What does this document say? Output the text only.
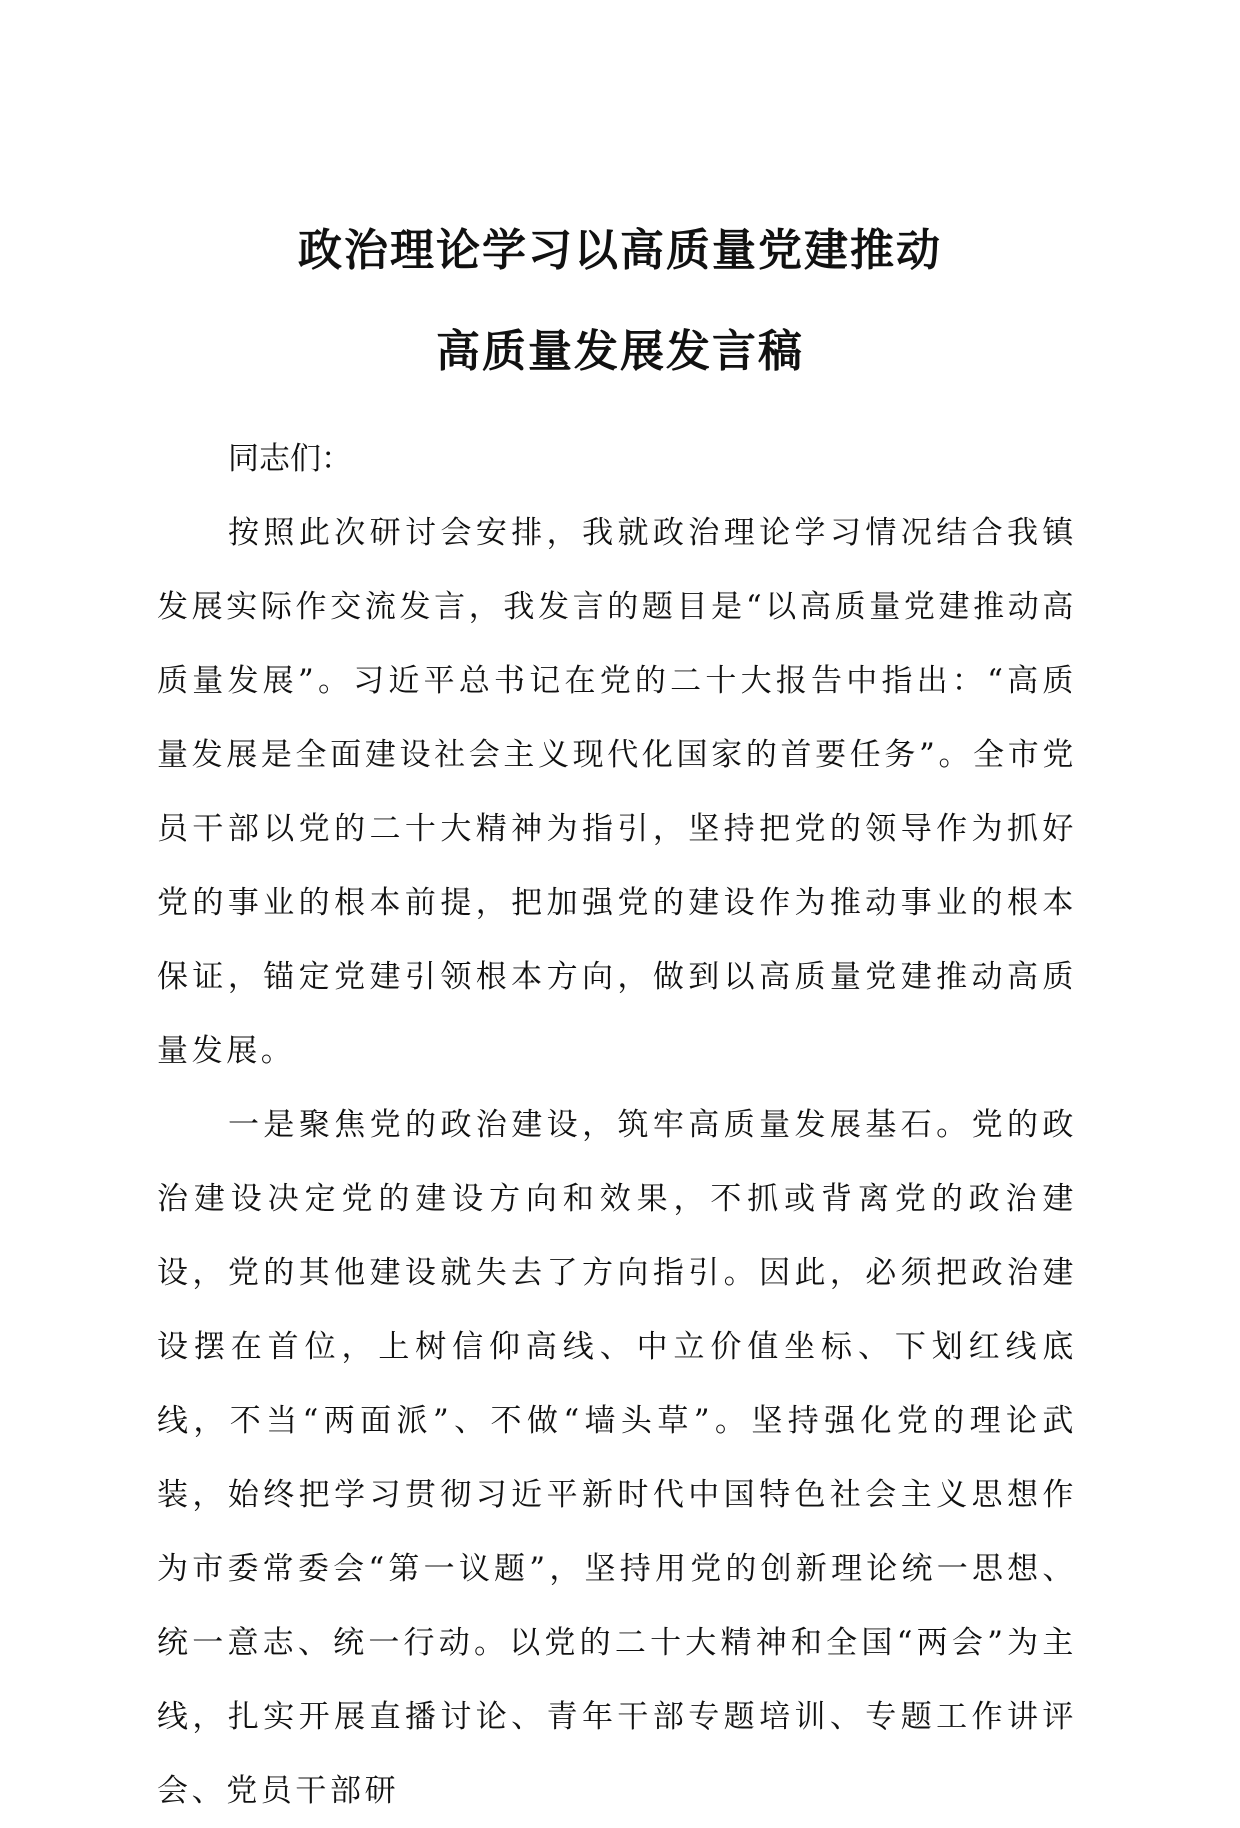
政治理论学习以高质量党建推动
高质量发展发言稿

同志们：

按照此次研讨会安排，我就政治理论学习情况结合我镇发展实际作交流发言，我发言的题目是“以高质量党建推动高质量发展”。习近平总书记在党的二十大报告中指出：“高质量发展是全面建设社会主义现代化国家的首要任务”。全市党员干部以党的二十大精神为指引，坚持把党的领导作为抓好党的事业的根本前提，把加强党的建设作为推动事业的根本保证，锚定党建引领根本方向，做到以高质量党建推动高质量发展。

一是聚焦党的政治建设，筑牢高质量发展基石。党的政治建设决定党的建设方向和效果，不抓或背离党的政治建设，党的其他建设就失去了方向指引。因此，必须把政治建设摆在首位，上树信仰高线、中立价值坐标、下划红线底线，不当“两面派”、不做“墙头草”。坚持强化党的理论武装，始终把学习贯彻习近平新时代中国特色社会主义思想作为市委常委会“第一议题”，坚持用党的创新理论统一思想、统一意志、统一行动。以党的二十大精神和全国“两会”为主线，扎实开展直播讨论、青年干部专题培训、专题工作讲评会、党员干部研
